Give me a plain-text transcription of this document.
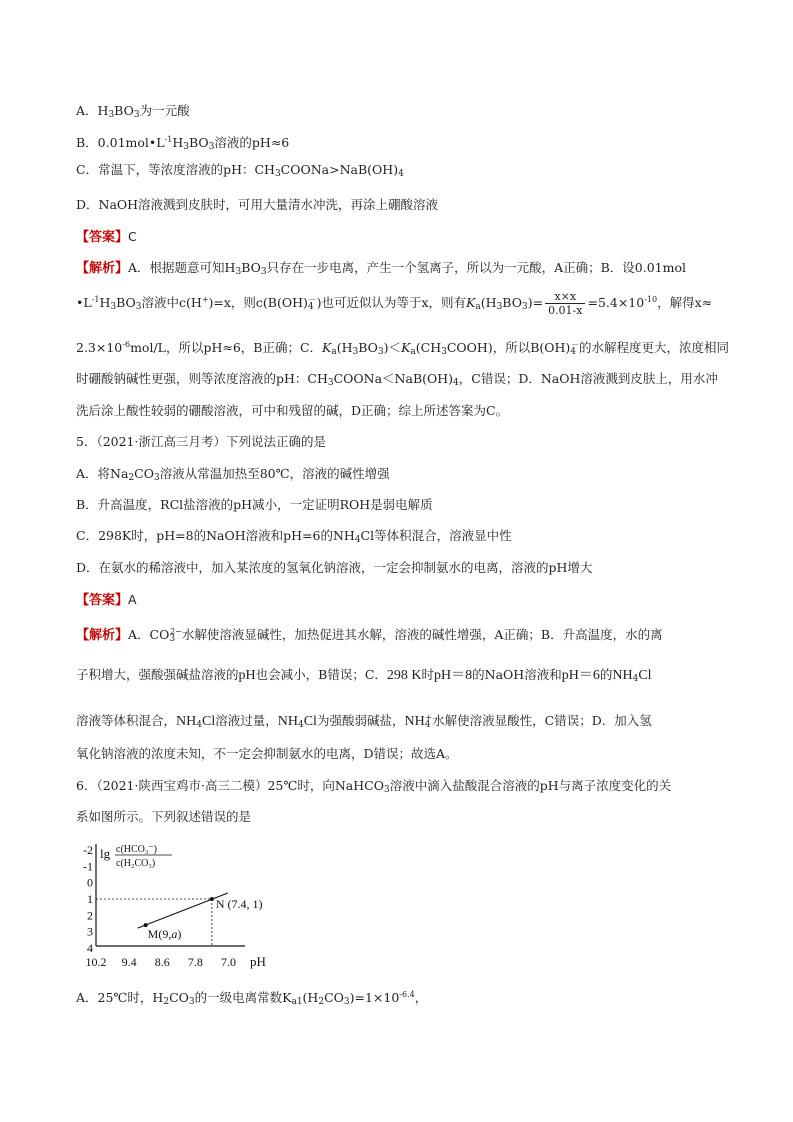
A．H3BO3为一元酸
B．$0.01mol•L^{-1}H3BO3$溶液的pH≈6
C．常温下，等浓度溶液的pH：CH3COONa>NaB(OH)4
D．NaOH溶液溅到皮肤时，可用大量清水冲洗，再涂上硼酸溶液
【答案】C
【解析】A．根据题意可知H3BO3只存在一步电离，产生一个氢离子，所以为一元酸，A正确；B．设0.01mol
$•L^{-1}H3BO3$溶液中c(H+)=x，则c(B(OH)4－)也可近似认为等于x，则有$Ka(H3BO3)= \frac{x\times x}{0.01-x} =5.4\times 10^{-10}$，解得x≈
$2.3\times 10^{-6}mol/L$，所以pH≈6，B正确；C．Ka(H3BO3)＜Ka(CH3COOH)，所以B(OH)4－的水解程度更大，浓度相同
时硼酸钠碱性更强，则等浓度溶液的pH：CH3COONa＜NaB(OH)4，C错误；D．NaOH溶液溅到皮肤上，用水冲
洗后涂上酸性较弱的硼酸溶液，可中和残留的碱，D正确；综上所述答案为C。
5．（2021·浙江高三月考）下列说法正确的是
A．将Na2CO3溶液从常温加热至80℃，溶液的碱性增强
B．升高温度，RCl盐溶液的pH减小，一定证明ROH是弱电解质
C．298K时，pH=8的NaOH溶液和pH=6的NH4Cl等体积混合，溶液显中性
D．在氨水的稀溶液中，加入某浓度的氢氧化钠溶液，一定会抑制氨水的电离，溶液的pH增大
【答案】A
【解析】A．$CO3^{2-}$水解使溶液显碱性，加热促进其水解，溶液的碱性增强，A正确；B．升高温度，水的离
子积增大，强酸强碱盐溶液的pH也会减小，B错误；C．298 K时pH＝8的NaOH溶液和pH＝6的NH4Cl
溶液等体积混合，NH4Cl溶液过量，NH4Cl为强酸弱碱盐，NH4+水解使溶液显酸性，C错误；D．加入氢
氧化钠溶液的浓度未知，不一定会抑制氨水的电离，D错误；故选A。
6．（2021·陕西宝鸡市·高三二模）25℃时，向NaHCO3溶液中滴入盐酸混合溶液的pH与离子浓度变化的关
系如图所示。下列叙述错误的是
lg c(HCO₃⁻)
c(H₂CO₃)
-2
-1
0
1
2
3
4
10.2 9.4 8.6 7.8 7.0 pH
M(9,a)
N (7.4, 1)
A．25℃时，H2CO3的一级电离常数$Ka1(H2CO3)=1\times 10^{-6.4}$，
